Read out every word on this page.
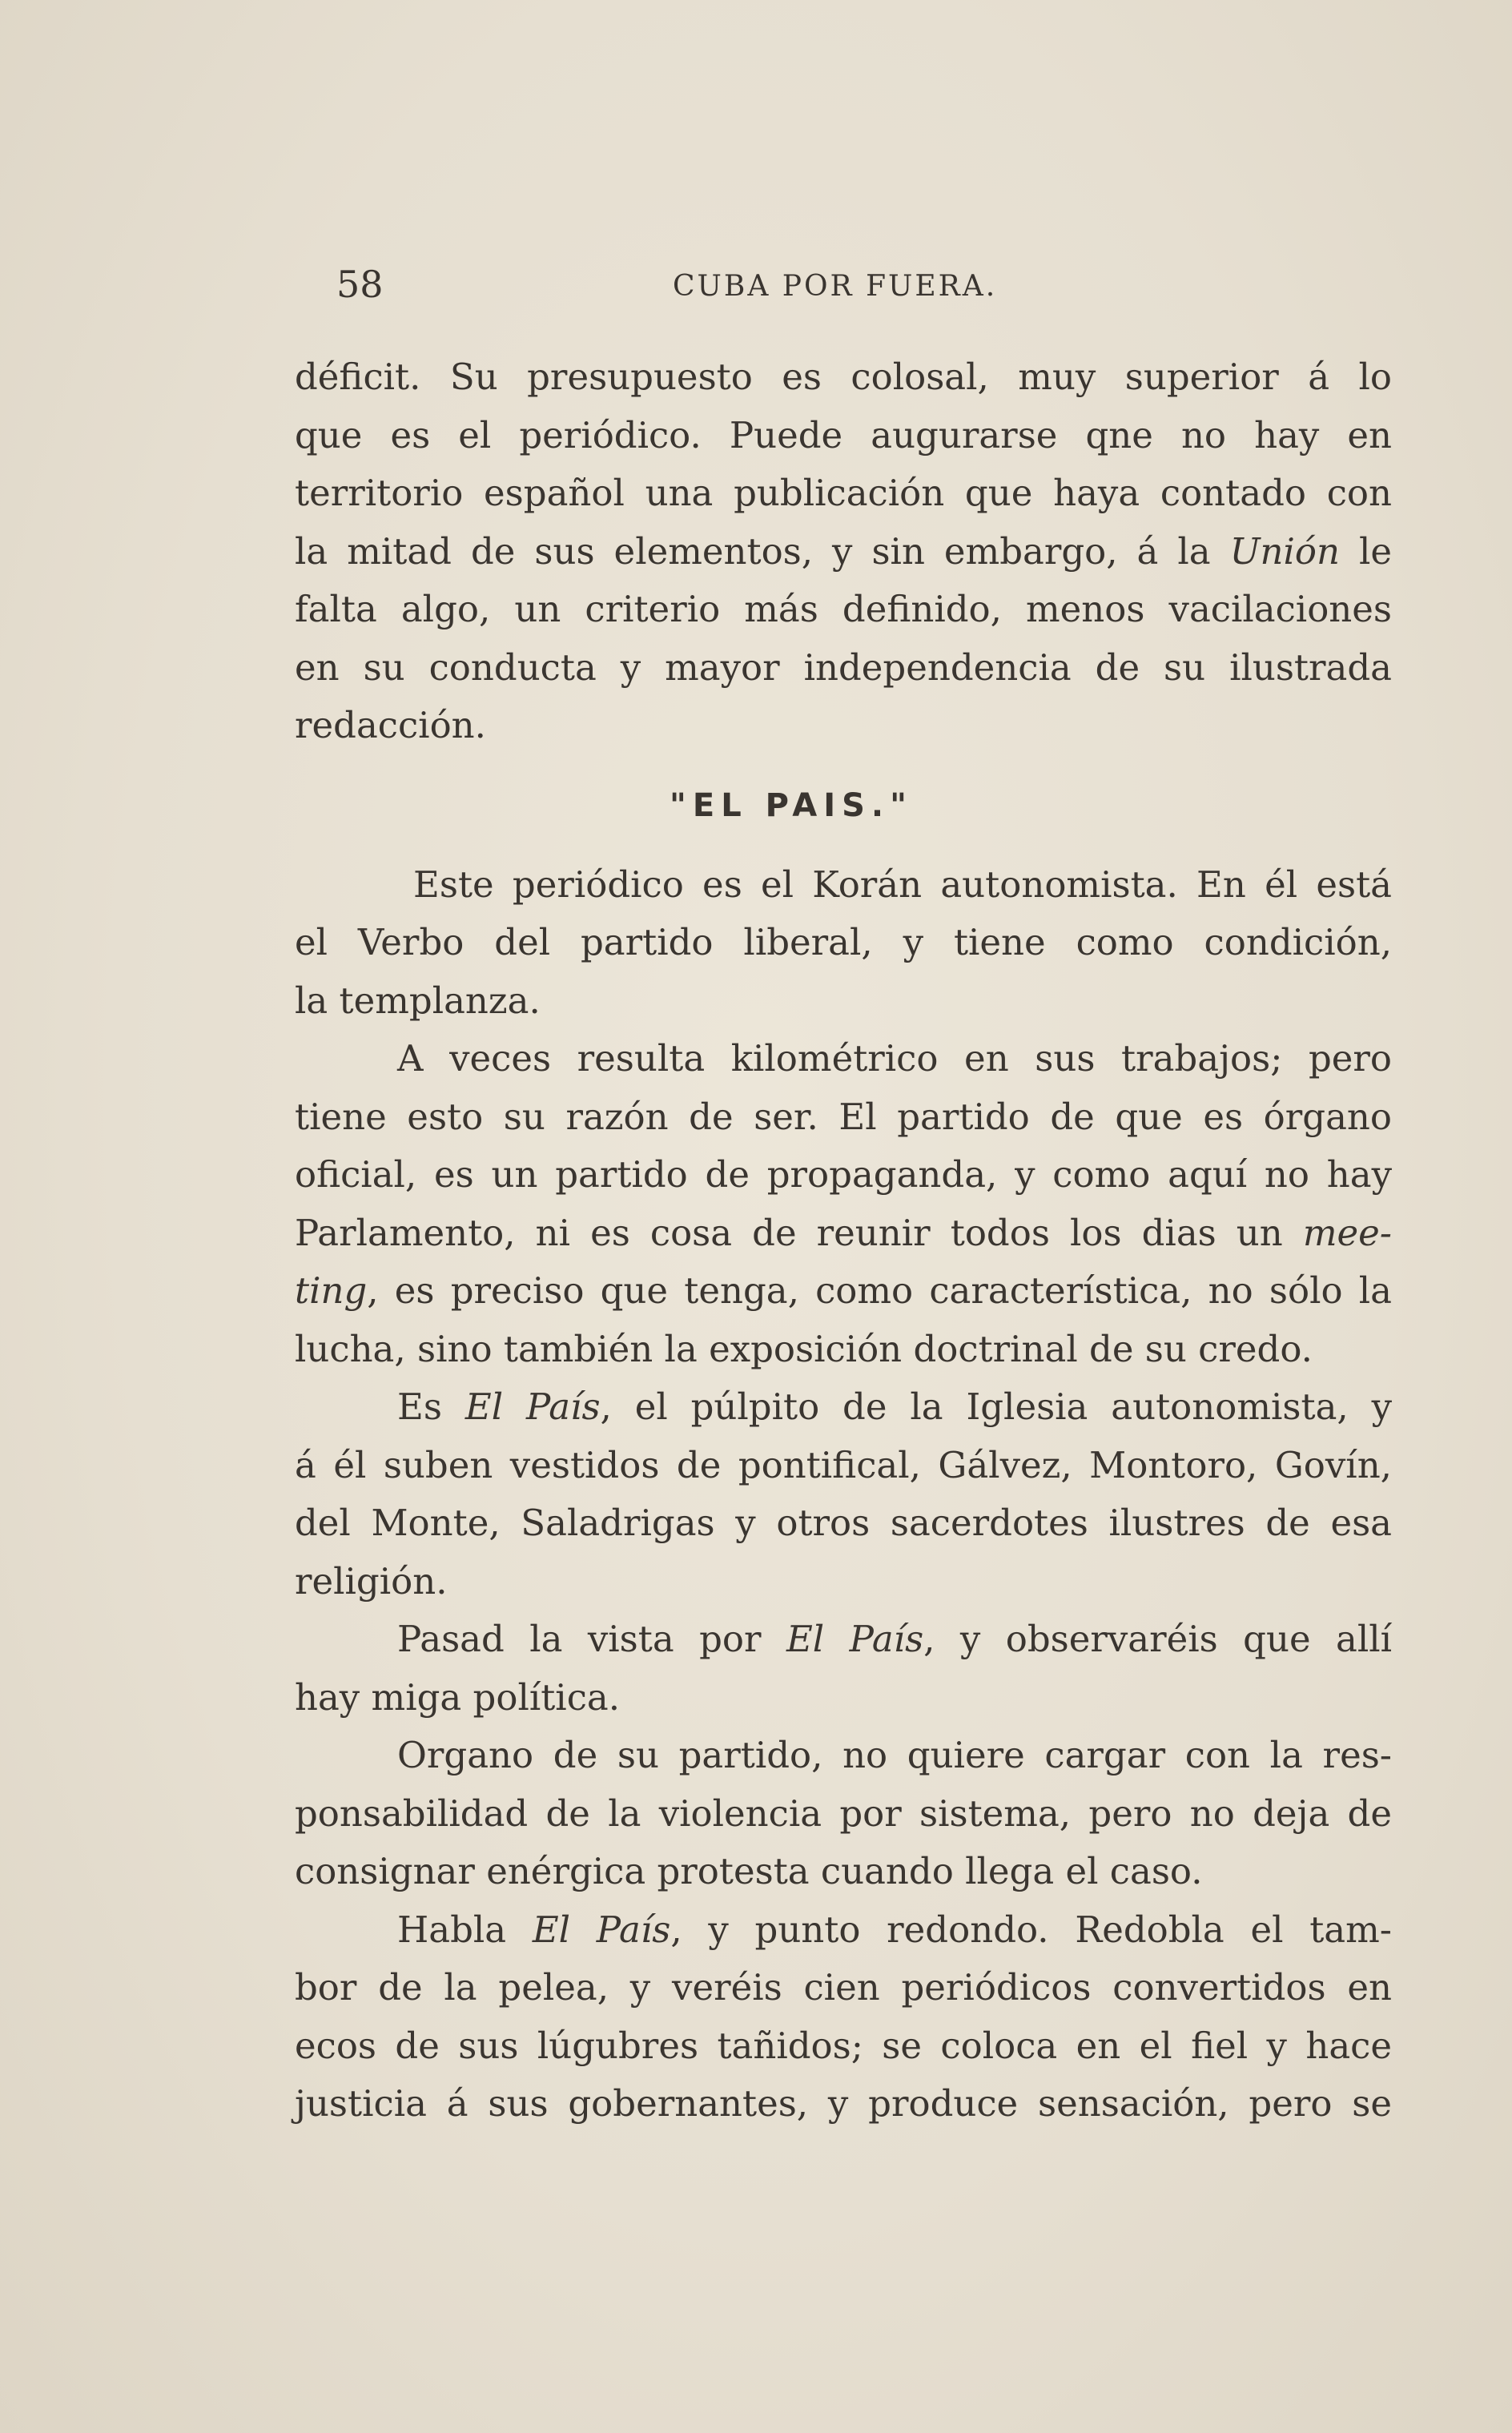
58	CUBA POR FUERA.
déficit. Su presupuesto es colosal, muy superior á lo
que es el periódico. Puede augurarse qne no hay en
territorio español una publicación que haya contado con
la mitad de sus elementos, y sin embargo, á la Unión le
falta algo, un criterio más definido, menos vacilaciones
en su conducta y mayor independencia de su ilustrada
redacción.
"EL PAIS."
Este periódico es el Korán autonomista. En él está
el Verbo del partido liberal, y tiene como condición,
la templanza.
A veces resulta kilométrico en sus trabajos; pero
tiene esto su razón de ser. El partido de que es órgano
oficial, es un partido de propaganda, y como aquí no hay
Parlamento, ni es cosa de reunir todos los dias un mee-
ting, es preciso que tenga, como característica, no sólo la
lucha, sino también la exposición doctrinal de su credo.
Es El País, el púlpito de la Iglesia autonomista, y
á él suben vestidos de pontifical, Gálvez, Montoro, Govín,
del Monte, Saladrigas y otros sacerdotes ilustres de esa
religión.
Pasad la vista por El País, y observaréis que allí
hay miga política.
Organo de su partido, no quiere cargar con la res-
ponsabilidad de la violencia por sistema, pero no deja de
consignar enérgica protesta cuando llega el caso.
Habla El País, y punto redondo. Redobla el tam-
bor de la pelea, y veréis cien periódicos convertidos en
ecos de sus lúgubres tañidos; se coloca en el fiel y hace
justicia á sus gobernantes, y produce sensación, pero se
